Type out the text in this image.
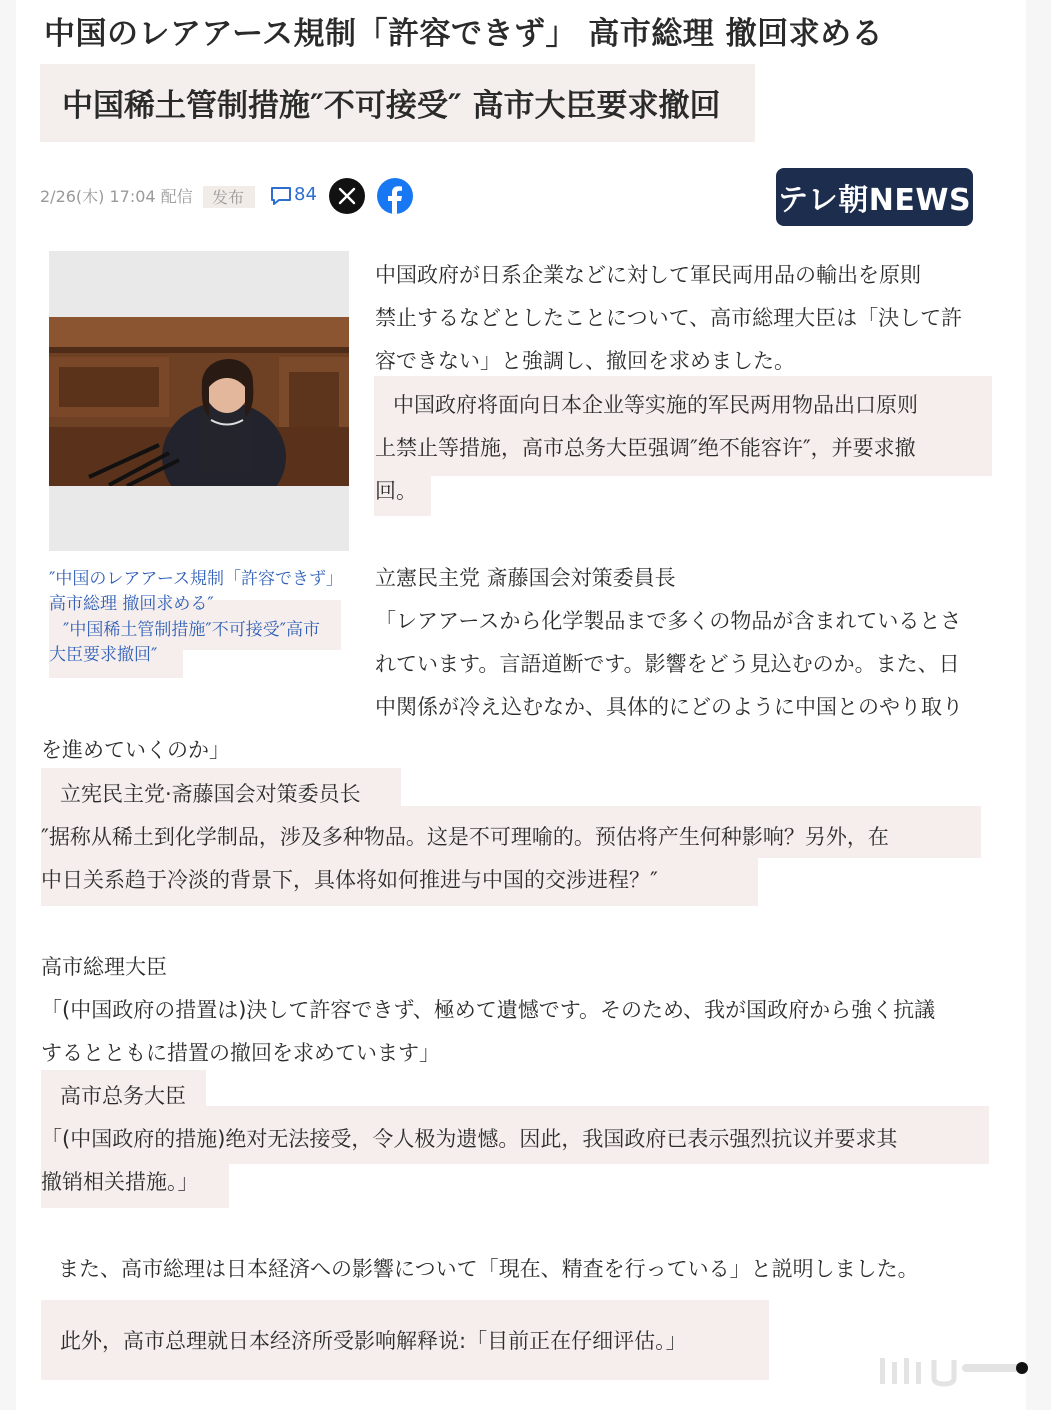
中国のレアアース規制「許容できず」 高市総理 撤回求める
中国稀土管制措施″不可接受″ 高市大臣要求撤回
2/26(木) 17:04 配信 发布	84	テレ朝NEWS
″中国のレアアース規制「許容できず」
高市総理 撤回求める″
″中国稀土管制措施″不可接受″高市
大臣要求撤回″
中国政府が日系企業などに対して軍民両用品の輸出を原則
禁止するなどとしたことについて、高市総理大臣は「決して許
容できない」と強調し、撤回を求めました。
中国政府将面向日本企业等实施的军民两用物品出口原则
上禁止等措施，高市总务大臣强调″绝不能容许″，并要求撤
回。
立憲民主党 斎藤国会対策委員長
「レアアースから化学製品まで多くの物品が含まれているとさ
れています。言語道断です。影響をどう見込むのか。また、日
中関係が冷え込むなか、具体的にどのように中国とのやり取り
を進めていくのか」
立宪民主党·斋藤国会对策委员长
″据称从稀土到化学制品，涉及多种物品。这是不可理喻的。预估将产生何种影响？另外，在
中日关系趋于冷淡的背景下，具体将如何推进与中国的交涉进程？″
高市総理大臣
「(中国政府の措置は)決して許容できず、極めて遺憾です。そのため、我が国政府から強く抗議
するとともに措置の撤回を求めています」
高市总务大臣
「(中国政府的措施)绝对无法接受，令人极为遗憾。因此，我国政府已表示强烈抗议并要求其
撤销相关措施。」
また、高市総理は日本経済への影響について「現在、精査を行っている」と説明しました。
此外，高市总理就日本经济所受影响解释说:「目前正在仔细评估。」
